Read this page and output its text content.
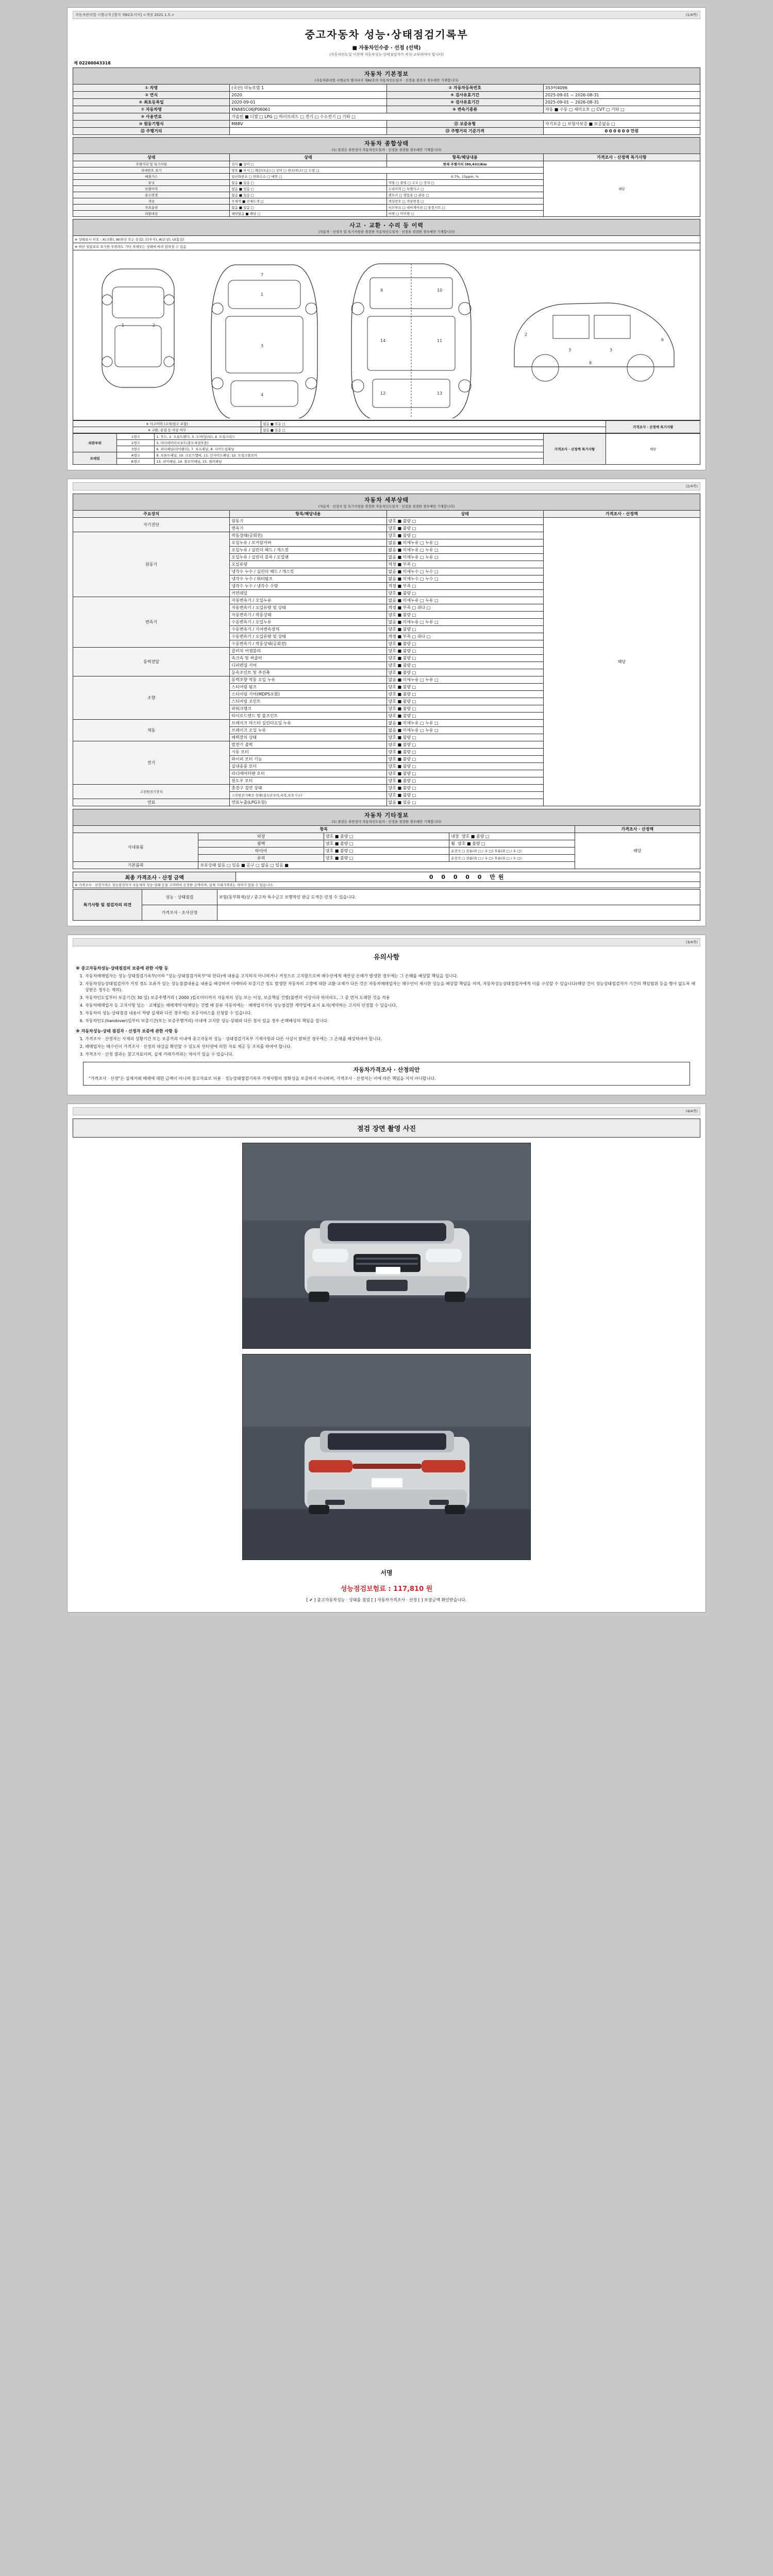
자동차관리법 시행규칙 [별지 제82호서식] <개정 2021.1.5.>	(1/4쪽)
중고자동차 성능·상태점검기록부
■ 자동차인수증 · 선정 (선택)
(자동차인도일 이전에 자동차성능·상태점검자가 작성·교부하여야 합니다)
제 02260043318
자동차 기본정보
(자동차관리법 시행규칙 별지서식 제82호의 자동차인도일자 · 선정을 점검자 경우에만 기재합니다)			

① 차명	(국산) 더뉴모델 1	② 자동차등록번호	353허4096
③ 연식	2020	④ 검사유효기간	2025-09-01 ~ 2026-08-31
⑤ 최초등록일	2020-09-01	⑥ 검사유효기간	2025-09-01 ~ 2026-08-31
⑦ 자동차명	KNA85C06JP06061	⑧ 변속기종류	자동 ■ 수동 □ 세미오토 □ CVT □ 기타 □
⑨ 사용연료	가솔린 ■ 디젤 □ LPG □ 하이브리드 □ 전기 □ 수소전기 □ 기타 □		
⑩ 원동기형식	M8RV	⑪ 보증유형	자기보증 □ 보험사보증 ■ 보증없음 □
⑫ 주행거리		⑬ 주행거리 기준가격	0 0 0 0 0 0 만원
자동차 종합상태
(1) 점검은 육안검사 자동차인도일자 · 선정을 점검한 경우에만 기재합니다)			

상태	상태	항목/해당내용	가격조사 · 산정액 특기사항
주행거리 및 특기사항	검사 ■ 상이 □	현재 주행거리 (80,431)Km	해당
차대번호 표기	양호 ■ 부식 □ 훼손(오손) □ 상이 □ 변조(위조) □ 도말 □		
배출가스	일산화탄소 □ 탄화수소 □ 매연 □	0.7%, 15ppm, %	
튜닝	없음 ■ 있음 □	적법 □ 불법 □ 구조 □ 장치 □	
특별이력	없음 ■ 있음 □	수리이력 □ 특별사고 □	
용도변경	없음 ■ 있음 □	렌트카 □ 영업용 □ 관용 □	
색상	무채색 ■ 전체도색 □	색상번호 □ 색상변경 □	
주요옵션	없음 ■ 있음 □	서브루프 □ 내비게이션 □ 통풍시트 □	
리콜대상	해당없음 ■ 해당 □	이행 □ 미이행 □	
사고 · 교환 · 수리 등 이력
(자동차 · 선정자 및 특기사항을 점검한 자동차인도일자 · 선정을 점검한 경우에만 기재합니다)
※ 상태표시 부호 : X(교환), W(판금 또는 용접), C(부식), A(손상), U(흠집)
※ 하단 일람표로 표기한 부위라도 기타 차체부는 상태에 따라 달라질 수 있음
1	2
7
1
3
4
9	10
14	11
12	13
3	3
2
6
8
※ 사고이력 (교차/침수 포함)	없음 ■ 있음 □	가격조사 · 산정액 특기사항
※ 교환, 용접 등 이상 여부	없음 ■ 있음 □	
외판부위	1랭크	1. 후드, 2. 프론트펜더, 3. 도어(앞/뒤), 4. 트렁크리드	가격조사 · 산정액 특기사항	해당
	2랭크	5. 라디에이터서포트(볼트체결부품)		
	3랭크	6. 쿼터패널(리어펜더), 7. 루프패널, 8. 사이드실패널		
프레임	A랭크	9. 프론트패널, 10. 크로스멤버, 11. 인사이드패널, 12. 트렁크플로어		
	B랭크	13. 리어패널, 14. 플로어패널, 15. 필러패널		
(2/4쪽)
자동차 세부상태
(자동차 · 선정자 및 특기사항을 점검한 자동차인도일자 · 선정을 점검한 경우에만 기재합니다)			

주요장치	항목/해당내용	상태	가격조사 · 산정액
자기진단	원동기	양호 ■ 불량 □	해당
	변속기	양호 ■ 불량 □	
원동기	작동상태(공회전)	양호 ■ 불량 □	
	오일누유 / 로커암커버	없음 ■ 미세누유 □ 누유 □	
	오일누유 / 실린더 헤드 / 개스킷	없음 ■ 미세누유 □ 누유 □	
	오일누유 / 실린더 블록 / 오일팬	없음 ■ 미세누유 □ 누유 □	
	오일유량	적정 ■ 부족 □	
	냉각수 누수 / 실린더 헤드 / 개스킷	없음 ■ 미세누수 □ 누수 □	
	냉각수 누수 / 워터펌프	없음 ■ 미세누수 □ 누수 □	
	냉각수 누수 / 냉각수 수량	적정 ■ 부족 □	
	커먼레일	양호 ■ 불량 □	
변속기	자동변속기 / 오일누유	없음 ■ 미세누유 □ 누유 □	
	자동변속기 / 오일유량 및 상태	적정 ■ 부족 □ 과다 □	
	자동변속기 / 작동상태	양호 ■ 불량 □	
	수동변속기 / 오일누유	없음 ■ 미세누유 □ 누유 □	
	수동변속기 / 기어변속장치	양호 ■ 불량 □	
	수동변속기 / 오일유량 및 상태	적정 ■ 부족 □ 과다 □	
	수동변속기 / 작동상태(공회전)	양호 ■ 불량 □	
동력전달	클러치 어셈블리	양호 ■ 불량 □	
	속크속 및 써클러	양호 ■ 불량 □	
	디퍼렌셜 기어	양호 ■ 불량 □	
	등속조인트 및 추진축	양호 ■ 불량 □	
조향	동력조향 작동 오일 누유	없음 ■ 미세누유 □ 누유 □	
	스티어링 펌프	양호 ■ 불량 □	
	스티어링 기어(MDPS포함)	양호 ■ 불량 □	
	스티어링 조인트	양호 ■ 불량 □	
	파워크랭크	양호 ■ 불량 □	
	타이로드엔드 및 볼조인트	양호 ■ 불량 □	
제동	브레이크 마스터 실린더오일 누유	없음 ■ 미세누유 □ 누유 □	
	브레이크 오일 누유	없음 ■ 미세누유 □ 누유 □	
	배력장치 상태	양호 ■ 불량 □	
전기	발전기 출력	양호 ■ 불량 □	
	시동 모터	양호 ■ 불량 □	
	와이퍼 모터 기능	양호 ■ 불량 □	
	실내송풍 모터	양호 ■ 불량 □	
	라디에이터팬 모터	양호 ■ 불량 □	
	윈도우 모터	양호 ■ 불량 □	
고전원전기장치	충전구 절연 상태	양호 ■ 불량 □	
	고전원전기배선 상태(접속단자의,피복,보호기구)	양호 ■ 불량 □	
연료	연료누출(LPG포함)	없음 ■ 있음 □	
자동차 기타정보
(1) 점검은 육안검사 자동차인도일자 · 선정을 점검한 경우에만 기재합니다)				

항목				가격조사 · 산정액
사내용품	외장	양호 ■ 불량 □	내장 양호 ■ 불량 □	해당
	광택	양호 ■ 불량 □	휠 양호 ■ 불량 □	
	타이어	양호 ■ 불량 □	운전석 □ 전륜(좌 □ / 우 □) 후륜(좌 □ / 우 □)	
	유리	양호 ■ 불량 □	운전석 □ 전륜(좌 □ / 우 □) 후륜(좌 □ / 우 □)	
기본품목	보유상태 없음 □ 있음 ■ 공구 □ 없음 □ 있음 ■			
최종 가격조사 · 산정 금액	0 0 0 0 0 만원
※ 가격조사 · 산정가격은 성능점검자가 자동차의 성능·상태 등을 고려하여 산정한 금액이며, 실제 거래가격과는 차이가 있을 수 있습니다.
특기사항 및 점검자의 의견	성능 · 상태점검	보험(동부화재)상 / 중고차 특수금고 보행적인 판금 도색은 인정 수 있습니다.
	가격조사 · 조사산정	
(3/4쪽)
유의사항

※ 중고자동차성능·상태점검의 보증에 관한 사항 등

1. 자동차매매업자는 성능·상태점검기록부(이하 "성능·상태점검기록부"라 한다)에 내용을 고지하지 아니하거나 거짓으로 고지함으로써 매수인에게 재산상 손해가 발생한 경우에는 그 손해를 배상할 책임을 집니다.
2. 자동차성능상태점검자가 거짓 정도 오류가 있는 성능점검내용을 내용을 배상하여 이에따라 보증기간 정도 발생한 자동차의 고장에 대한 교환·교체가 다른 것은 자동차매매업자는 매수인이 제시한 성능을 배상할 책임을 지며, 자동차성능상태점검자에게 이를 구상할 수 있습니다(해당 건이 성능상태점검자가 기간의 책임범위 등을 행사 없도록 배상받은 경우는 제외).
3. 자동차인도일부터 보증기간( 30 일) 보증주행거리 ( 2000 )킬로미터까지 자동차의 성능 또는 이상, 보증책임 건별(불변의 이상이라 하더라도, 그 중 먼저 도래한 것을 적용
4. 자동차매매업자 등 고지사항 있는 · 교체없는 매매계약서(해당는 건별 배 분류 자동차에는 · 매매업자가의 성능점검한 계약일에 표지 표지(계약하는 고지의 인정할 수 있습니다.
5. 자동차의 성능·상태점검 내용이 차량 실제와 다른 경우에는 보증서비스를 신청할 수 있습니다.
6. 자동차인도(handover)일부터 보증기간(또는 보증주행거리) 이내에 고지한 성능·상태와 다른 점이 있을 경우 손해배상의 책임을 집니다.

※ 자동차성능·상태 점검자 · 산정자 보증에 관한 사항 등

1. 가격조사 · 산정자는 사체의 상황기간 또는 보증거리 이내에 중고자동차 성능 · 상태점검기록부 기재사항과 다른 사실이 밝혀진 경우에는 그 손해를 배상하여야 합니다.
2. 매매업자는 매수인이 가격조사 · 산정의 대상을 확인할 수 있도록 인터넷에 의한 자료 제공 등 조치를 하여야 합니다.
3. 가격조사 · 산정 결과는 참고자료이며, 실제 거래가격과는 차이가 있을 수 있습니다.
자동차가격조사 · 산정의안
"가격조사 · 산정"은 실제거래 매매에 대한 금액이 아니며 참고자료로 이용 · 성능상태점검기록부 기재사항의 정확성을 보증하지 아니하며, 가격조사 · 산정자는 이에 따른 책임을 지지 아니합니다.
(4/4쪽)
점검 장면 촬영 사진
서명
성능점검보험료 : 117,810 원
[ ✔ ] 중고자동차성능 · 상태를 점검 [ ] 자동차가격조사 · 산정 [ ] 보장금액 확인받습니다.
